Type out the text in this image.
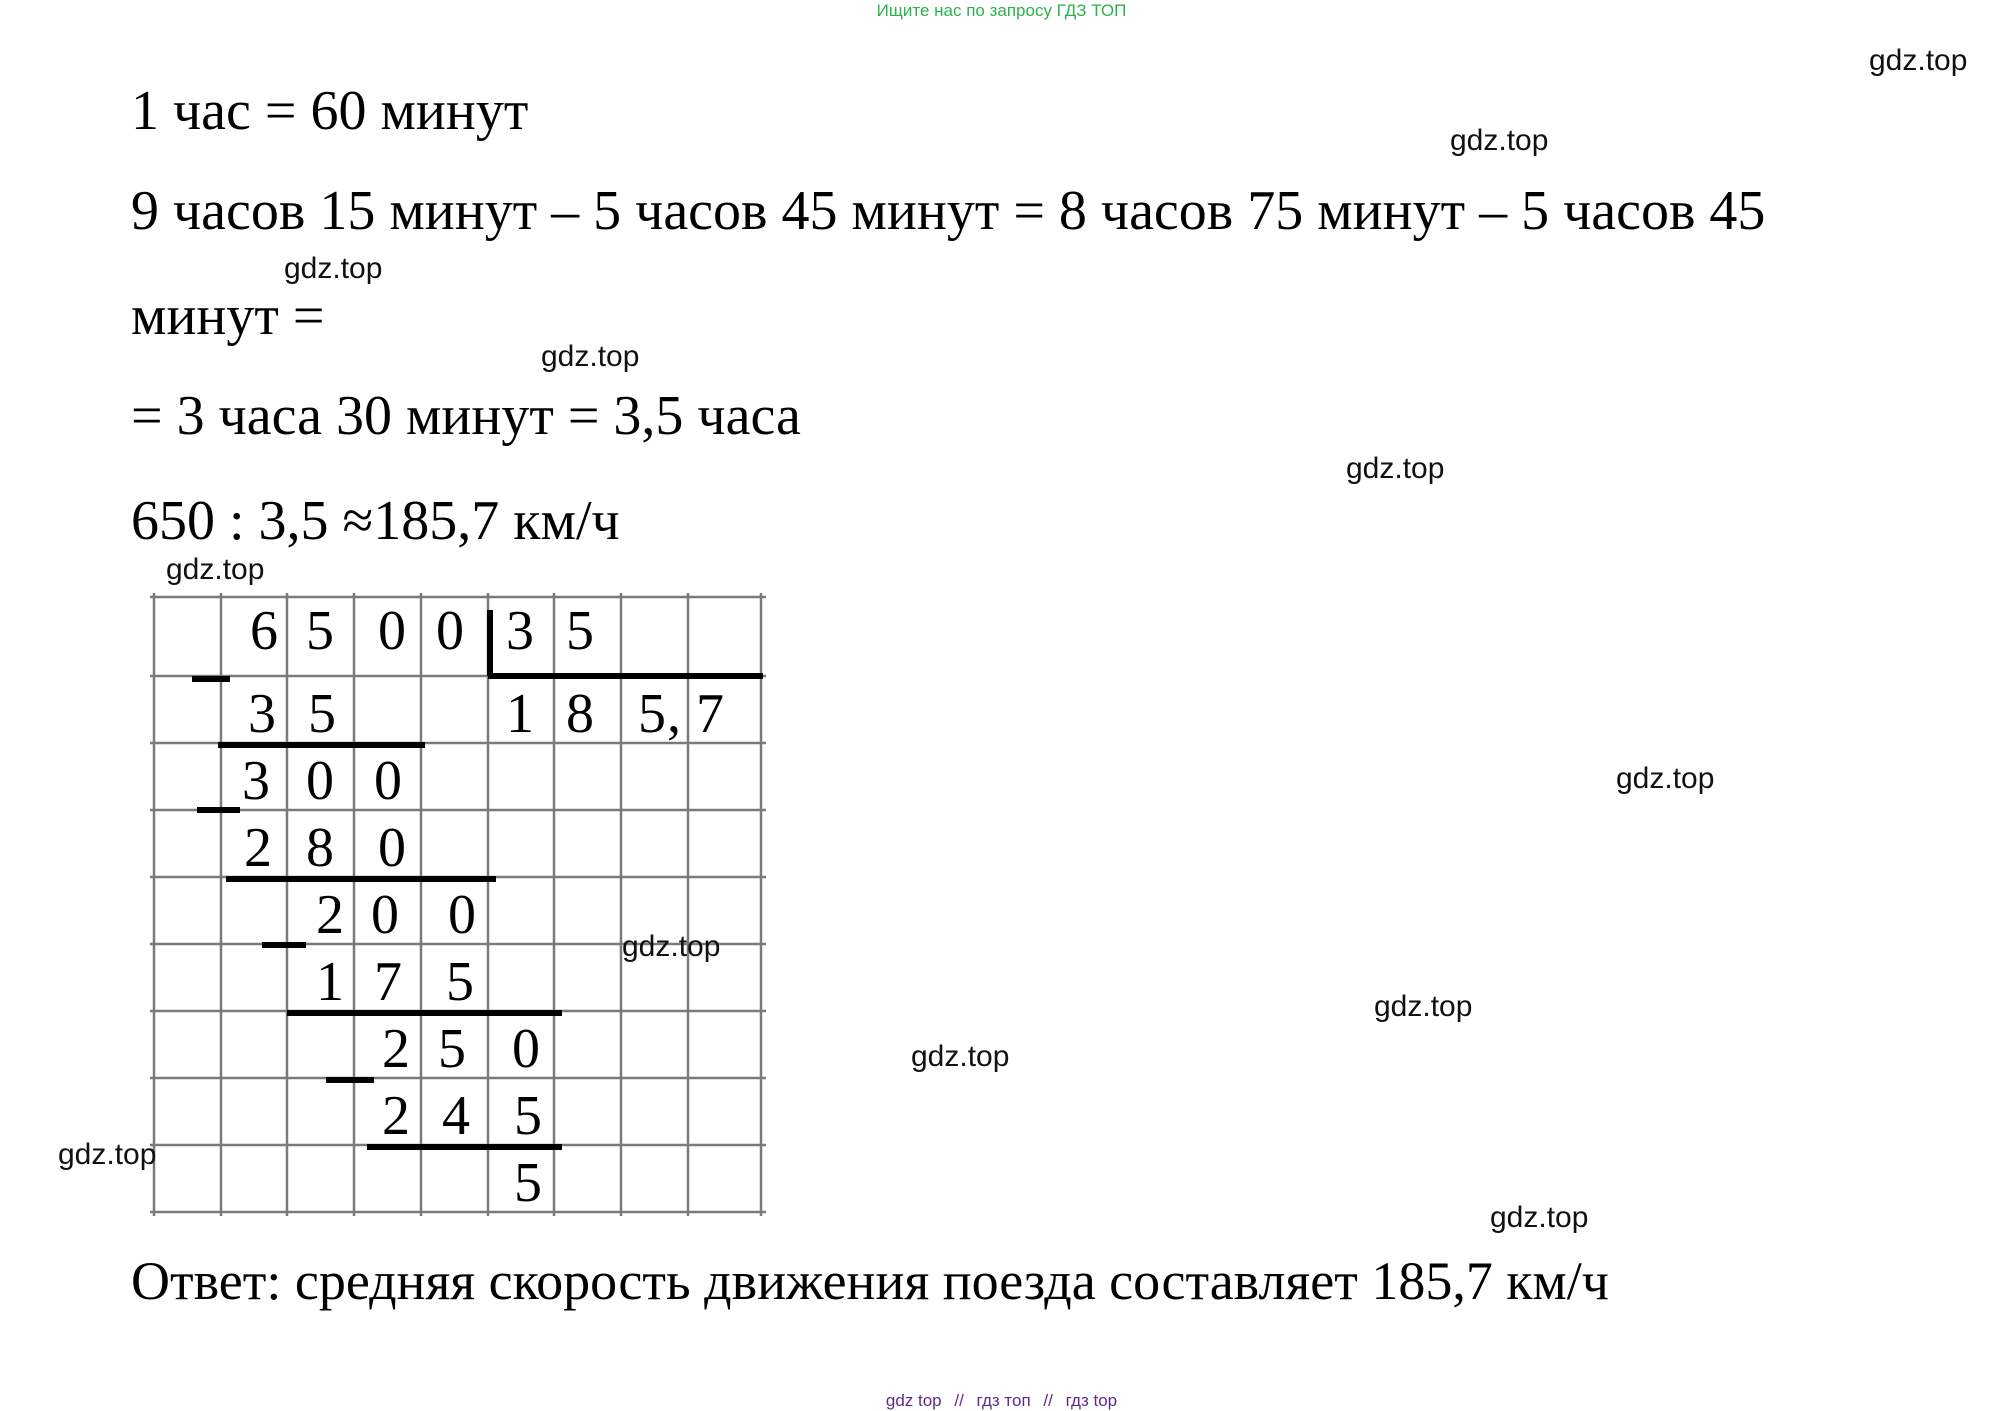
Ищите нас по запросу ГДЗ ТОП
1 час = 60 минут
9 часов 15 минут – 5 часов 45 минут = 8 часов 75 минут – 5 часов 45
минут =
= 3 часа 30 минут = 3,5 часа
650 : 3,5 ≈185,7 км/ч
6 5 0 0 3 5
1 8 5 , 7
3 5
3 0 0
2 8 0
2 0 0
1 7 5
2 5 0
2 4 5
5
gdz.top
gdz.top
gdz.top
gdz.top
gdz.top
gdz.top
gdz.top
gdz.top
gdz.top
gdz.top
gdz.top
gdz.top
Ответ: средняя скорость движения поезда составляет 185,7 км/ч
gdz top // гдз топ // гдз top
